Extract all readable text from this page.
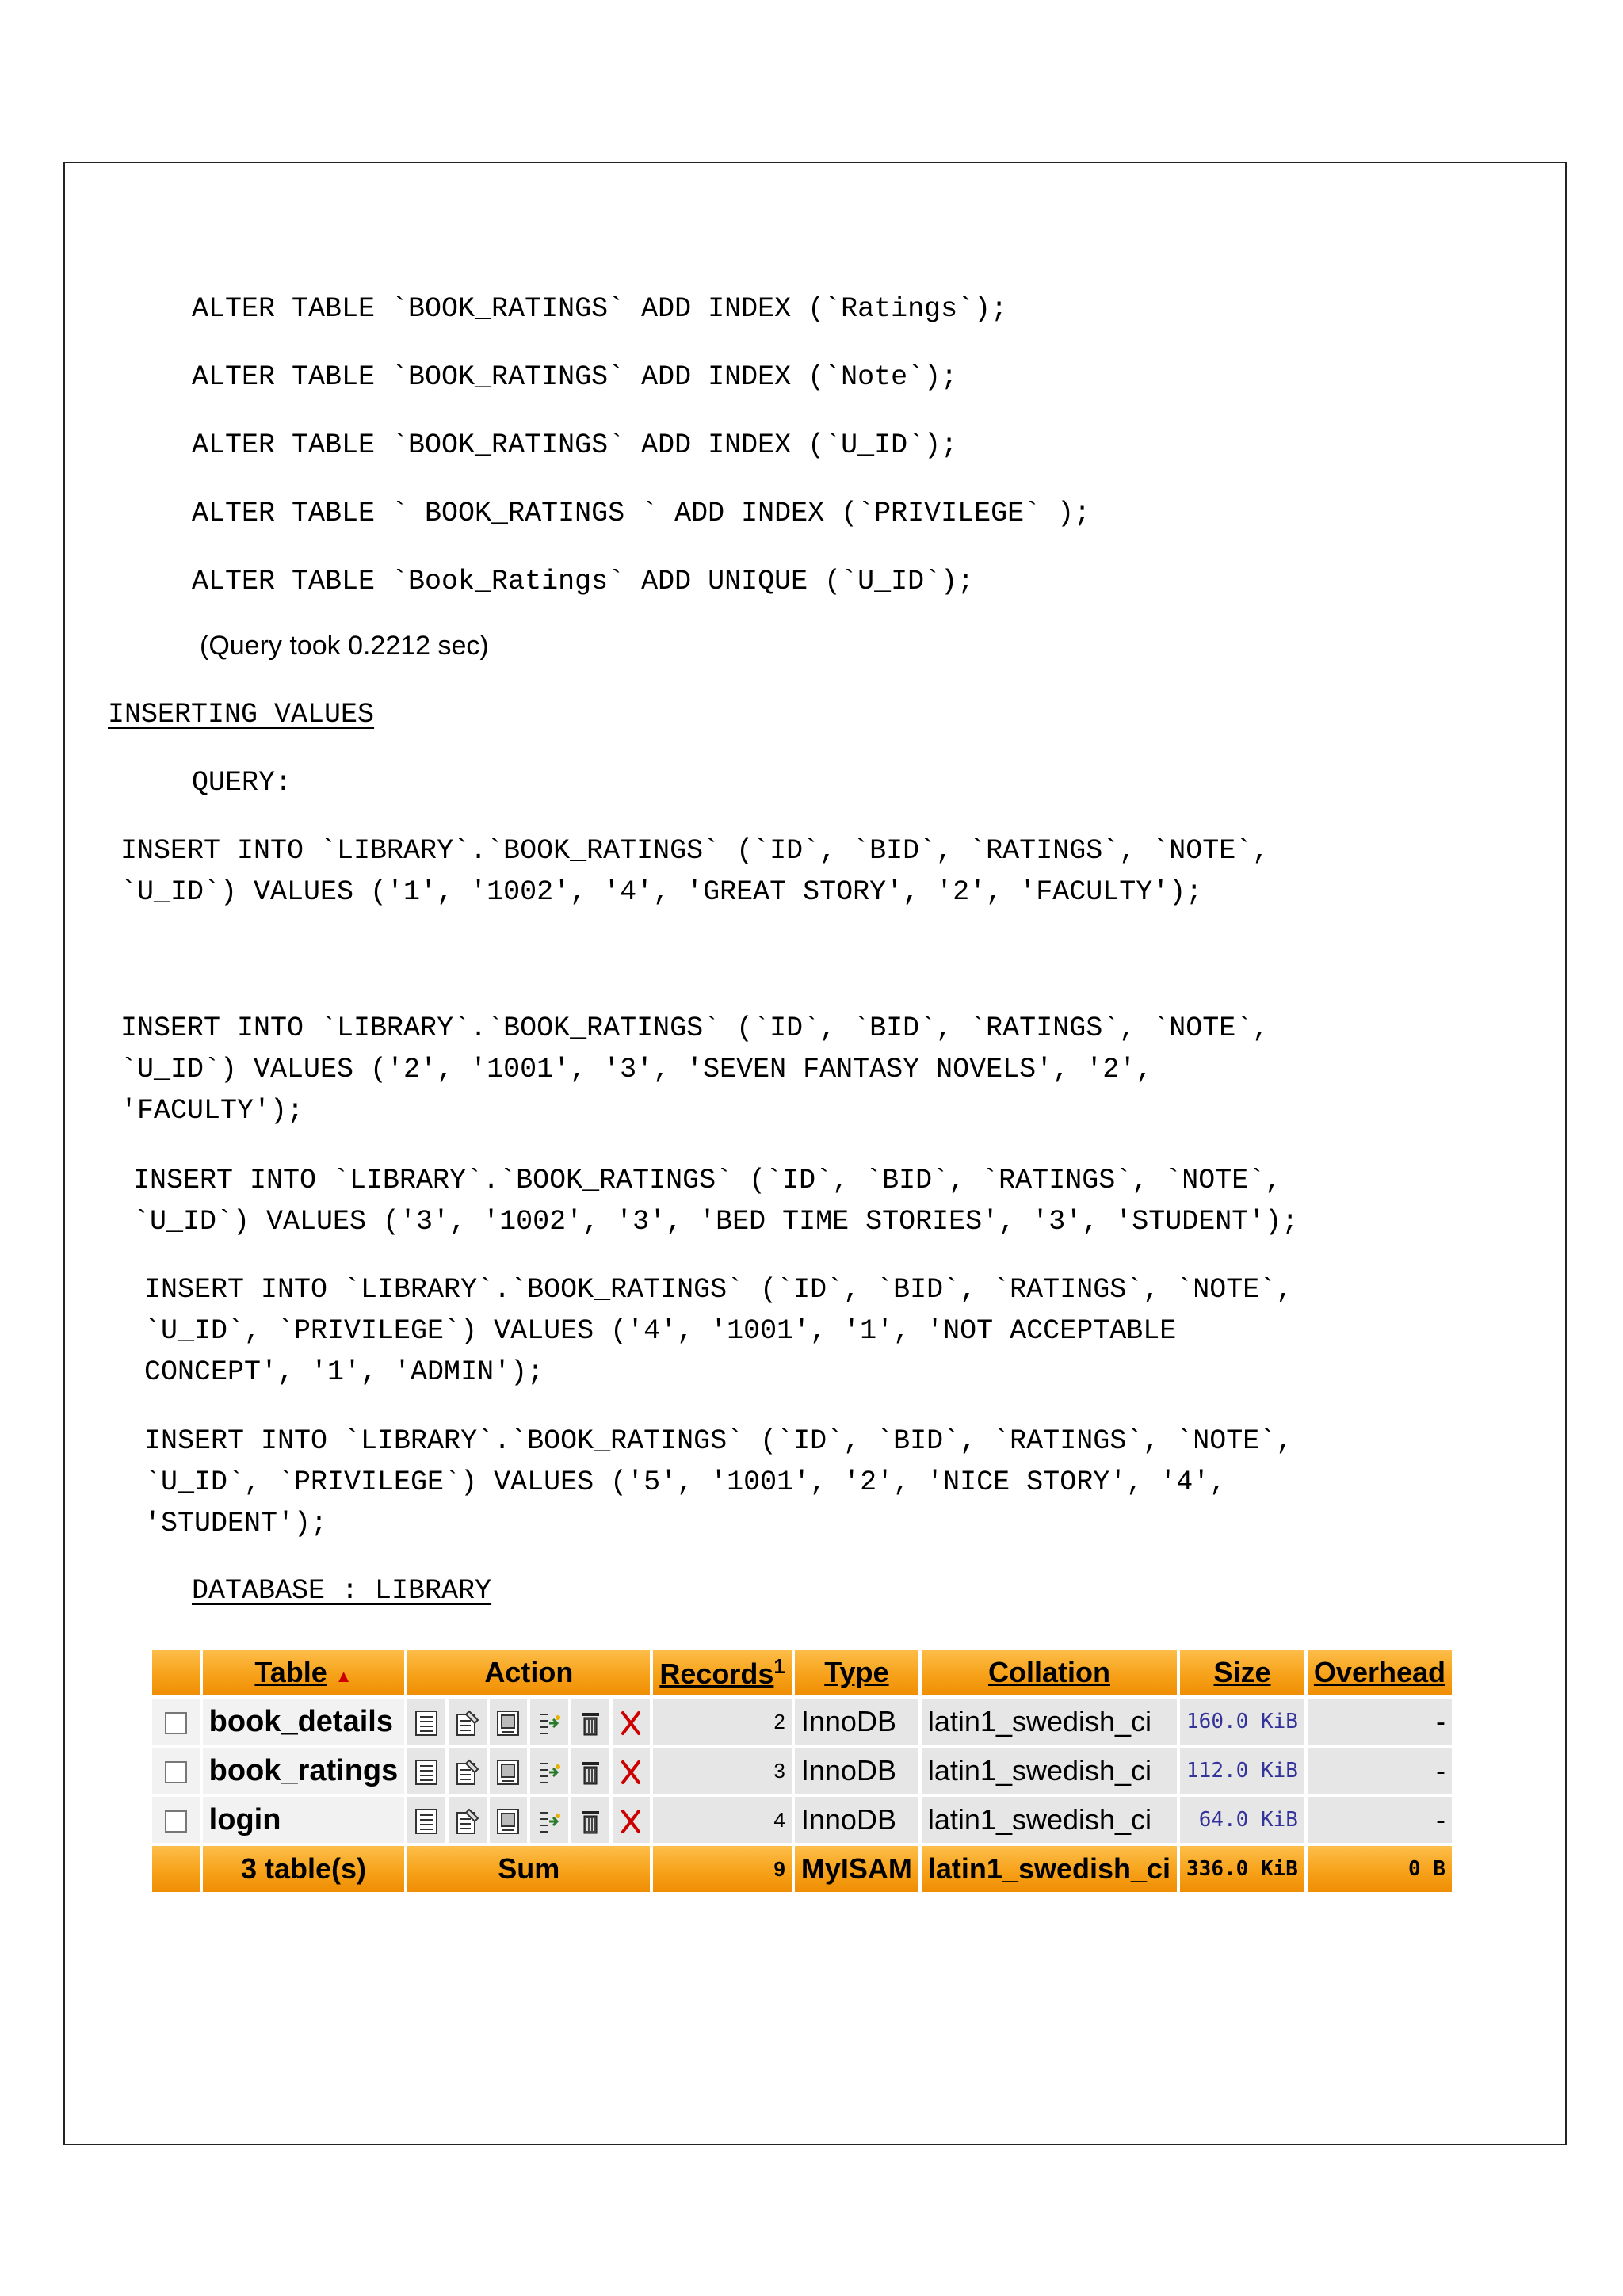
ALTER TABLE `BOOK_RATINGS` ADD INDEX (`Ratings`);
ALTER TABLE `BOOK_RATINGS` ADD INDEX (`Note`);
ALTER TABLE `BOOK_RATINGS` ADD INDEX (`U_ID`);
ALTER TABLE ` BOOK_RATINGS ` ADD INDEX (`PRIVILEGE` );
ALTER TABLE `Book_Ratings` ADD UNIQUE (`U_ID`);
(Query took 0.2212 sec)
INSERTING VALUES
QUERY:
INSERT INTO `LIBRARY`.`BOOK_RATINGS` (`ID`, `BID`, `RATINGS`, `NOTE`,
`U_ID`) VALUES ('1', '1002', '4', 'GREAT STORY', '2', 'FACULTY');
INSERT INTO `LIBRARY`.`BOOK_RATINGS` (`ID`, `BID`, `RATINGS`, `NOTE`,
`U_ID`) VALUES ('2', '1001', '3', 'SEVEN FANTASY NOVELS', '2',
'FACULTY');
INSERT INTO `LIBRARY`.`BOOK_RATINGS` (`ID`, `BID`, `RATINGS`, `NOTE`,
`U_ID`) VALUES ('3', '1002', '3', 'BED TIME STORIES', '3', 'STUDENT');
INSERT INTO `LIBRARY`.`BOOK_RATINGS` (`ID`, `BID`, `RATINGS`, `NOTE`,
`U_ID`, `PRIVILEGE`) VALUES ('4', '1001', '1', 'NOT ACCEPTABLE
CONCEPT', '1', 'ADMIN');
INSERT INTO `LIBRARY`.`BOOK_RATINGS` (`ID`, `BID`, `RATINGS`, `NOTE`,
`U_ID`, `PRIVILEGE`) VALUES ('5', '1001', '2', 'NICE STORY', '4',
'STUDENT');
DATABASE : LIBRARY
	Table ▲	Action						Records$^1$	Type	Collation	Size	Overhead
	book_details							2	InnoDB	latin1_swedish_ci	160.0 KiB	-
	book_ratings							3	InnoDB	latin1_swedish_ci	112.0 KiB	-
	login							4	InnoDB	latin1_swedish_ci	64.0 KiB	-
	3 table(s)	Sum						9	MyISAM	latin1_swedish_ci	336.0 KiB	0 B
